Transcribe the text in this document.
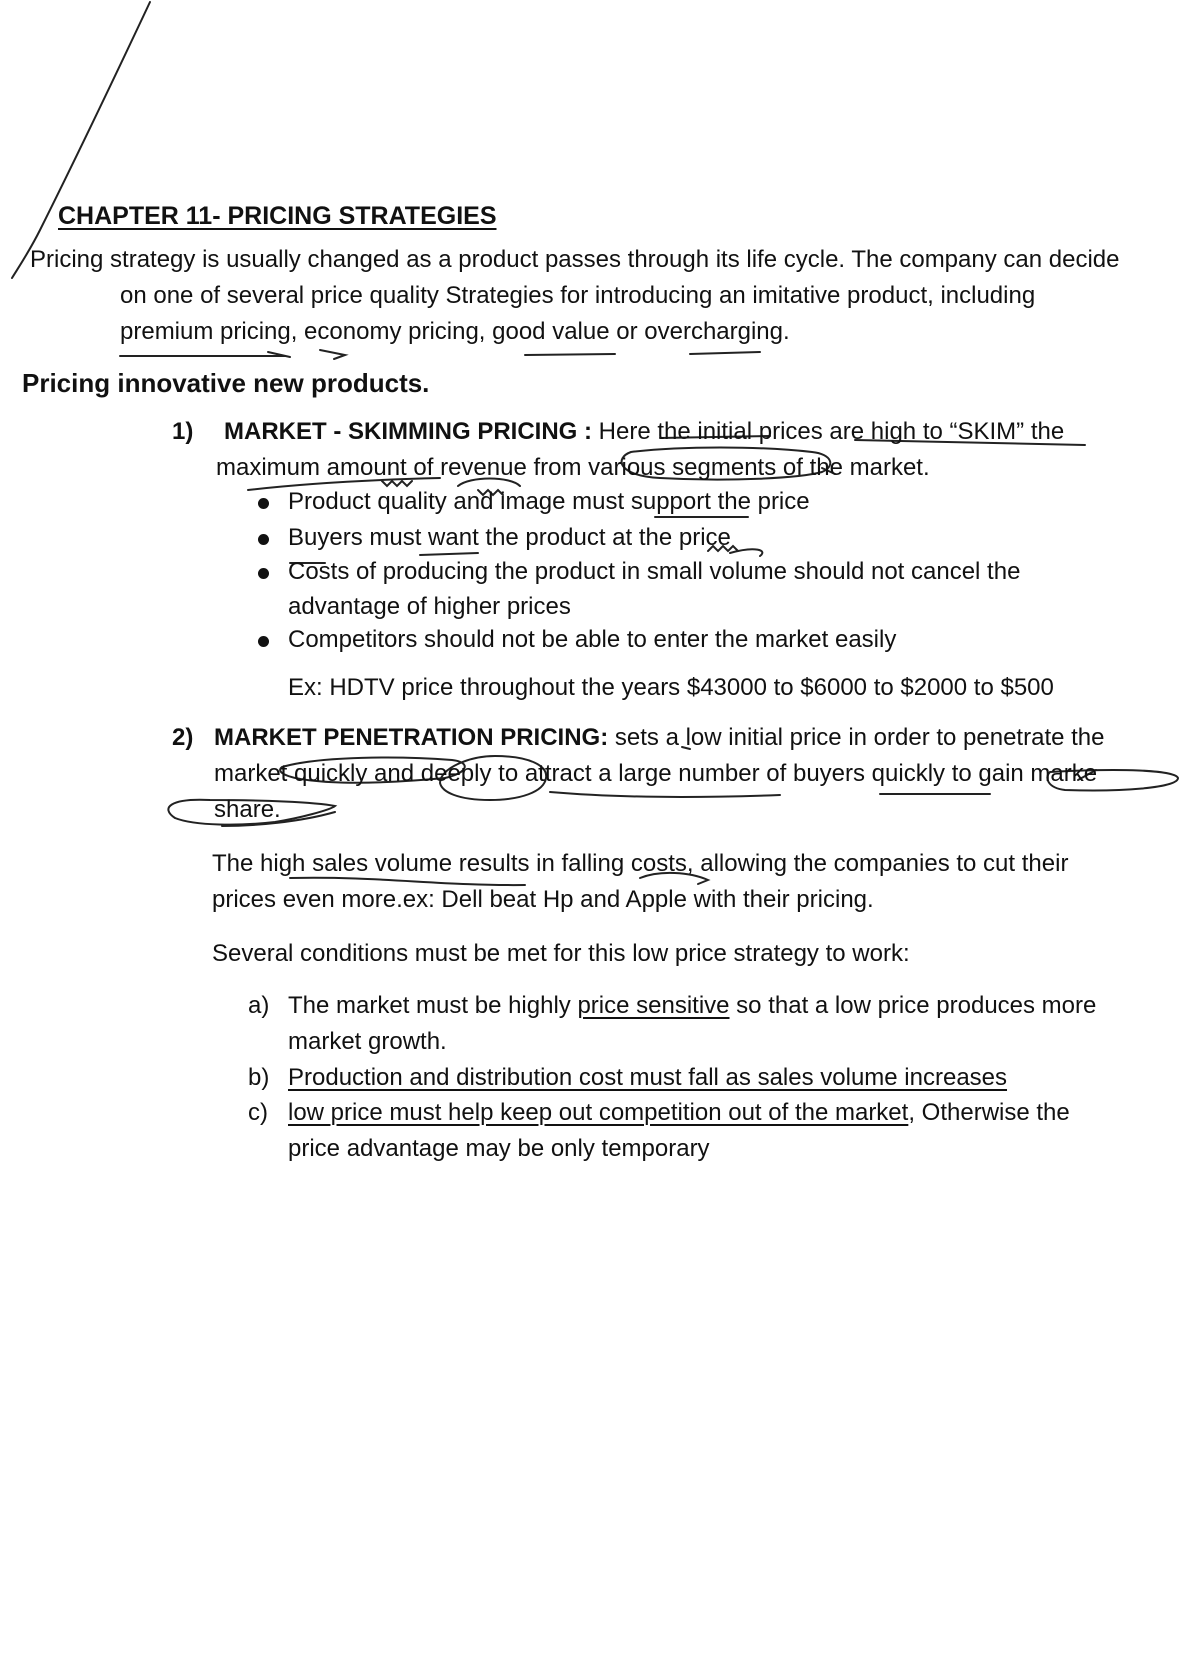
CHAPTER 11- PRICING STRATEGIES
Pricing strategy is usually changed as a product passes through its life cycle. The company can decide
on one of several price quality Strategies for introducing an imitative product, including
premium pricing, economy pricing, good value or overcharging.
Pricing innovative new products.
1) MARKET - SKIMMING PRICING : Here the initial prices are high to “SKIM” the
maximum amount of revenue from various segments of the market.
Product quality and image must support the price
Buyers must want the product at the price
Costs of producing the product in small volume should not cancel the
advantage of higher prices
Competitors should not be able to enter the market easily
Ex: HDTV price throughout the years $43000 to $6000 to $2000 to $500
2) MARKET PENETRATION PRICING: sets a low initial price in order to penetrate the
market quickly and deeply to attract a large number of buyers quickly to gain marke
share.
The high sales volume results in falling costs, allowing the companies to cut their
prices even more.ex: Dell beat Hp and Apple with their pricing.
Several conditions must be met for this low price strategy to work:
a) The market must be highly price sensitive so that a low price produces more
market growth.
b) Production and distribution cost must fall as sales volume increases
c) low price must help keep out competition out of the market, Otherwise the
price advantage may be only temporary
